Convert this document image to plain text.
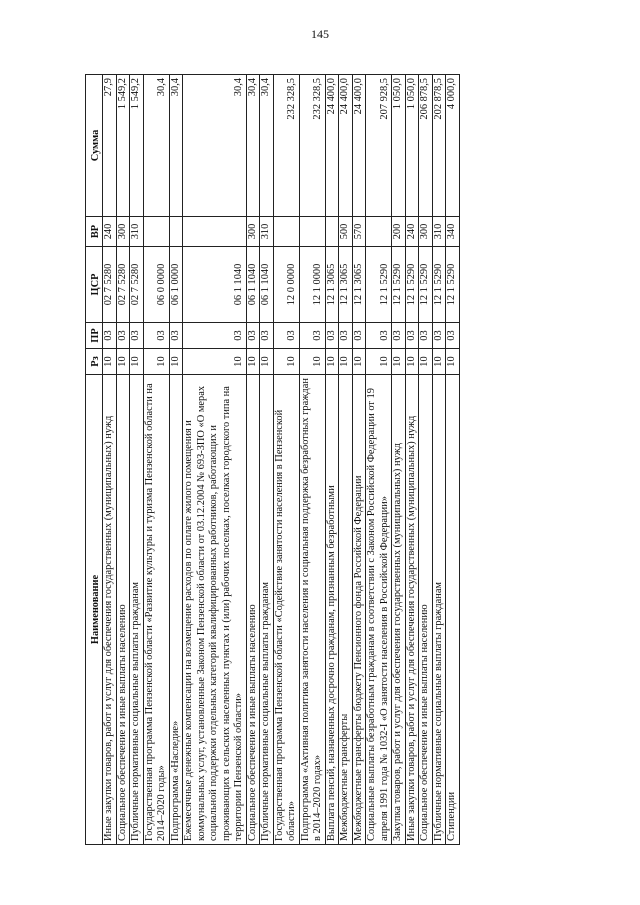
145
Наименование	Рз	ПР	ЦСР	ВР	Сумма
Иные закупки товаров, работ и услуг для обеспечения государственных (муниципальных) нужд	10	03	02 7 5280	240	27,9
Социальное обеспечение и иные выплаты населению	10	03	02 7 5280	300	1 549,2
Публичные нормативные социальные выплаты гражданам	10	03	02 7 5280	310	1 549,2
Государственная программа Пензенской области «Развитие культуры и туризма Пензенской области на 2014–2020 годы»	10	03	06 0 0000		30,4
Подпрограмма «Наследие»	10	03	06 1 0000		30,4
Ежемесячные денежные компенсации на возмещение расходов по оплате жилого помещения и коммунальных услуг, установленные Законом Пензенской области от 03.12.2004 № 693-ЗПО «О мерах социальной поддержки отдельных категорий квалифицированных работников, работающих и проживающих в сельских населенных пунктах и (или) рабочих поселках, поселках городского типа на территории Пензенской области»	10	03	06 1 1040		30,4
Социальное обеспечение и иные выплаты населению	10	03	06 1 1040	300	30,4
Публичные нормативные социальные выплаты гражданам	10	03	06 1 1040	310	30,4
Государственная программа Пензенской области «Содействие занятости населения в Пензенской области»	10	03	12 0 0000		232 328,5
Подпрограмма «Активная политика занятости населения и социальная поддержка безработных граждан в 2014–2020 годах»	10	03	12 1 0000		232 328,5
Выплата пенсий, назначенных досрочно гражданам, признанным безработными	10	03	12 1 3065		24 400,0
Межбюджетные трансферты	10	03	12 1 3065	500	24 400,0
Межбюджетные трансферты бюджету Пенсионного фонда Российской Федерации	10	03	12 1 3065	570	24 400,0
Социальные выплаты безработным гражданам в соответствии с Законом Российской Федерации от 19 апреля 1991 года № 1032-I «О занятости населения в Российской Федерации»	10	03	12 1 5290		207 928,5
Закупка товаров, работ и услуг для обеспечения государственных (муниципальных) нужд	10	03	12 1 5290	200	1 050,0
Иные закупки товаров, работ и услуг для обеспечения государственных (муниципальных) нужд	10	03	12 1 5290	240	1 050,0
Социальное обеспечение и иные выплаты населению	10	03	12 1 5290	300	206 878,5
Публичные нормативные социальные выплаты гражданам	10	03	12 1 5290	310	202 878,5
Стипендии	10	03	12 1 5290	340	4 000,0
